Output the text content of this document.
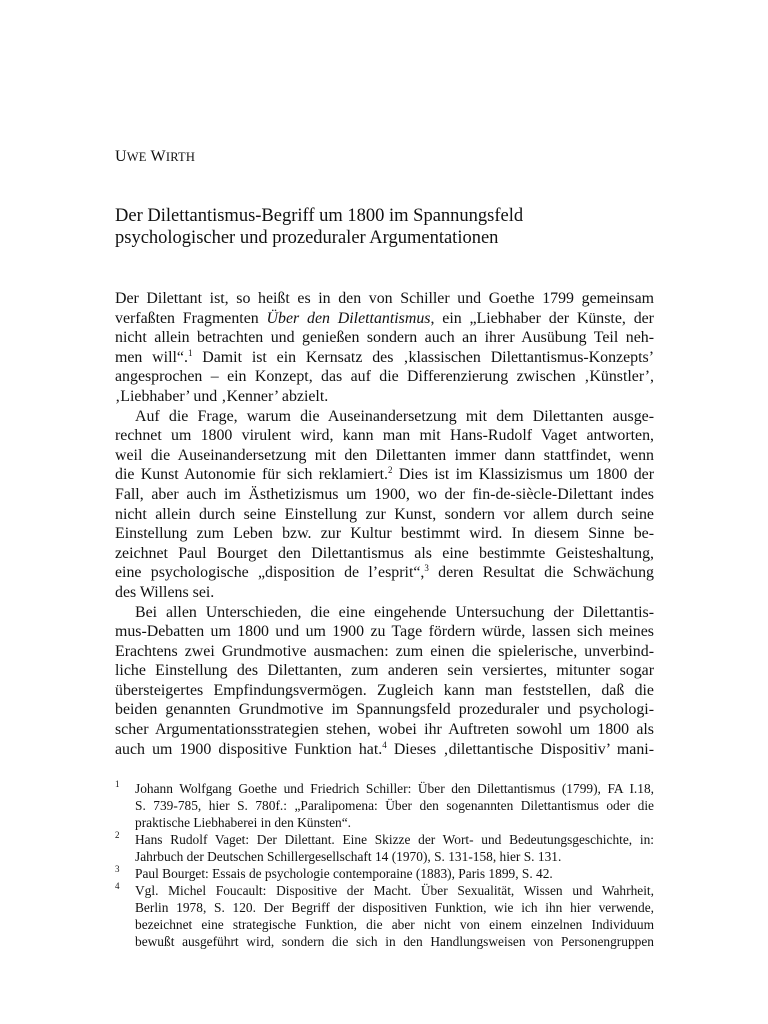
UWE WIRTH
Der Dilettantismus-Begriff um 1800 im Spannungsfeld
psychologischer und prozeduraler Argumentationen
Der Dilettant ist, so heißt es in den von Schiller und Goethe 1799 gemeinsam
verfaßten Fragmenten Über den Dilettantismus, ein „Liebhaber der Künste, der
nicht allein betrachten und genießen sondern auch an ihrer Ausübung Teil neh-
men will“.$^1$ Damit ist ein Kernsatz des ‚klassischen Dilettantismus-Konzepts’
angesprochen – ein Konzept, das auf die Differenzierung zwischen ‚Künstler’,
‚Liebhaber’ und ‚Kenner’ abzielt.
Auf die Frage, warum die Auseinandersetzung mit dem Dilettanten ausge-
rechnet um 1800 virulent wird, kann man mit Hans-Rudolf Vaget antworten,
weil die Auseinandersetzung mit den Dilettanten immer dann stattfindet, wenn
die Kunst Autonomie für sich reklamiert.$^2$ Dies ist im Klassizismus um 1800 der
Fall, aber auch im Ästhetizismus um 1900, wo der fin-de-siècle-Dilettant indes
nicht allein durch seine Einstellung zur Kunst, sondern vor allem durch seine
Einstellung zum Leben bzw. zur Kultur bestimmt wird. In diesem Sinne be-
zeichnet Paul Bourget den Dilettantismus als eine bestimmte Geisteshaltung,
eine psychologische „disposition de l’esprit“,$^3$ deren Resultat die Schwächung
des Willens sei.
Bei allen Unterschieden, die eine eingehende Untersuchung der Dilettantis-
mus-Debatten um 1800 und um 1900 zu Tage fördern würde, lassen sich meines
Erachtens zwei Grundmotive ausmachen: zum einen die spielerische, unverbind-
liche Einstellung des Dilettanten, zum anderen sein versiertes, mitunter sogar
übersteigertes Empfindungsvermögen. Zugleich kann man feststellen, daß die
beiden genannten Grundmotive im Spannungsfeld prozeduraler und psychologi-
scher Argumentationsstrategien stehen, wobei ihr Auftreten sowohl um 1800 als
auch um 1900 dispositive Funktion hat.$^4$ Dieses ‚dilettantische Dispositiv’ mani-
1 Johann Wolfgang Goethe und Friedrich Schiller: Über den Dilettantismus (1799), FA I.18,
S. 739-785, hier S. 780f.: „Paralipomena: Über den sogenannten Dilettantismus oder die
praktische Liebhaberei in den Künsten“.
2 Hans Rudolf Vaget: Der Dilettant. Eine Skizze der Wort- und Bedeutungsgeschichte, in:
Jahrbuch der Deutschen Schillergesellschaft 14 (1970), S. 131-158, hier S. 131.
3 Paul Bourget: Essais de psychologie contemporaine (1883), Paris 1899, S. 42.
4 Vgl. Michel Foucault: Dispositive der Macht. Über Sexualität, Wissen und Wahrheit,
Berlin 1978, S. 120. Der Begriff der dispositiven Funktion, wie ich ihn hier verwende,
bezeichnet eine strategische Funktion, die aber nicht von einem einzelnen Individuum
bewußt ausgeführt wird, sondern die sich in den Handlungsweisen von Personengruppen
